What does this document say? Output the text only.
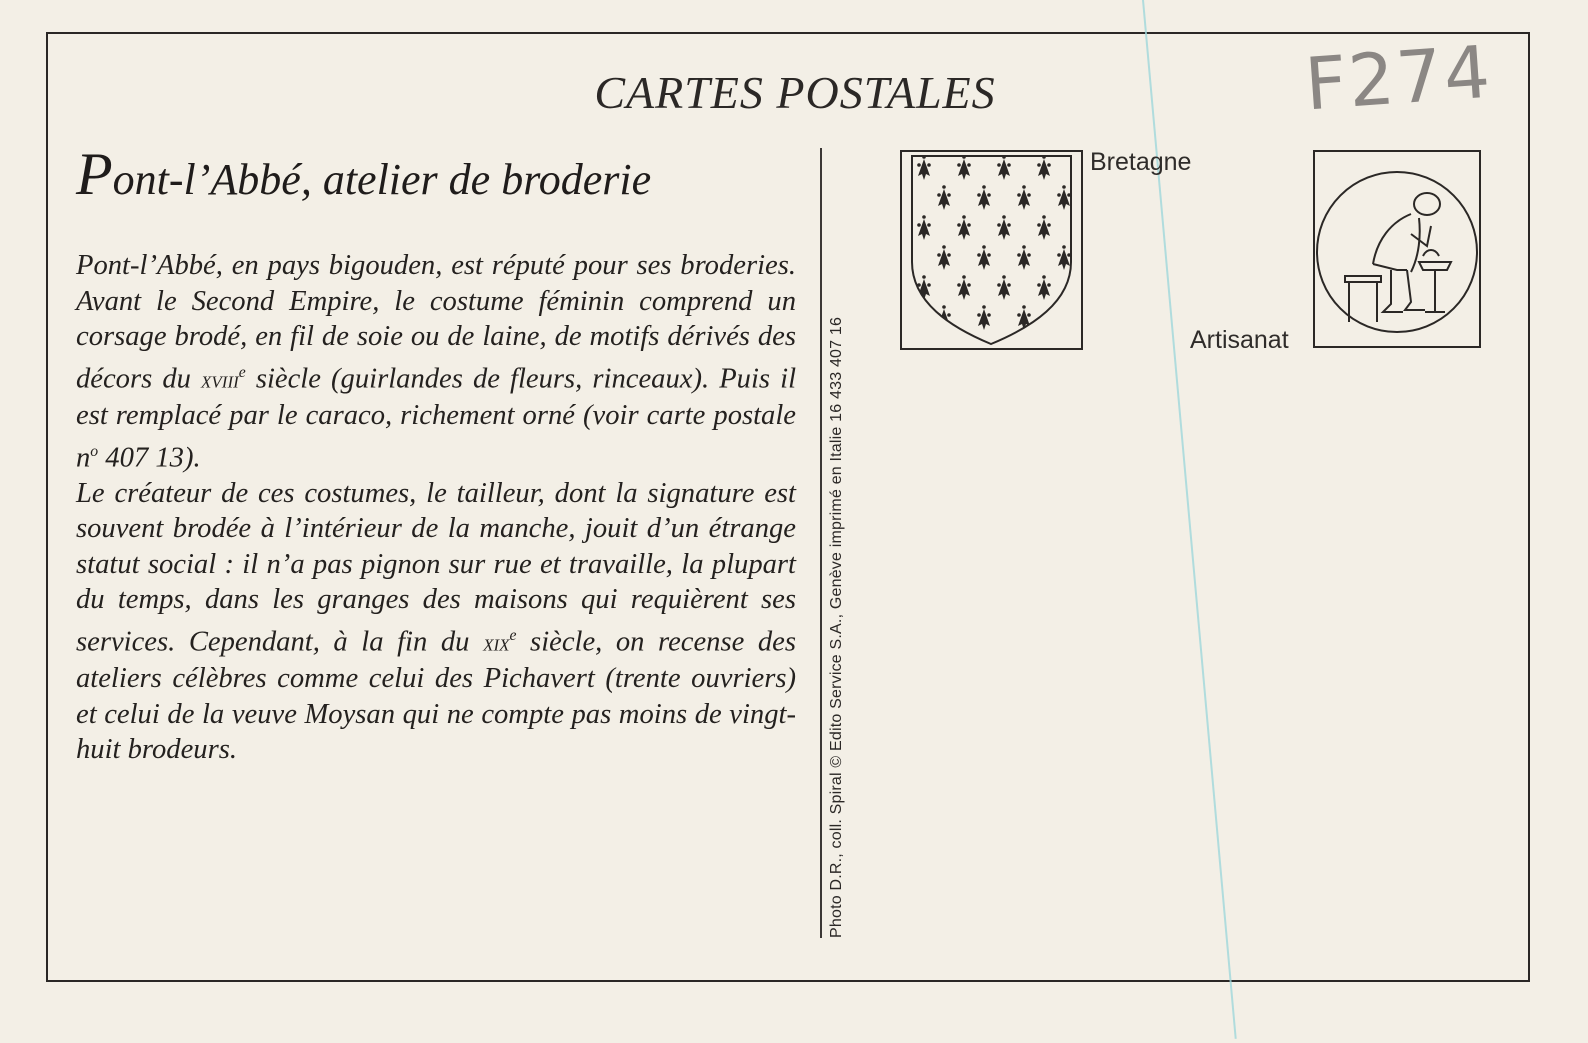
CARTES POSTALES	F274
Pont-l’Abbé, atelier de broderie

Pont-l’Abbé, en pays bigouden, est réputé pour ses broderies. Avant le Second Empire, le costume féminin comprend un corsage brodé, en fil de soie ou de laine, de motifs dérivés des décors du xviii$^e$ siècle (guirlandes de fleurs, rinceaux). Puis il est remplacé par le caraco, richement orné (voir carte postale $n^o$ 407 13).

Le créateur de ces costumes, le tailleur, dont la signature est souvent brodée à l’intérieur de la manche, jouit d’un étrange statut social : il n’a pas pignon sur rue et travaille, la plupart du temps, dans les granges des maisons qui requièrent ses services. Cependant, à la fin du xix$^e$ siècle, on recense des ateliers célèbres comme celui des Pichavert (trente ouvriers) et celui de la veuve Moysan qui ne compte pas moins de vingt-huit brodeurs.	Photo D.R., coll. Spiral © Edito Service S.A., Genève imprimé en Italie 16 433 407 16
Bretagne
Artisanat
